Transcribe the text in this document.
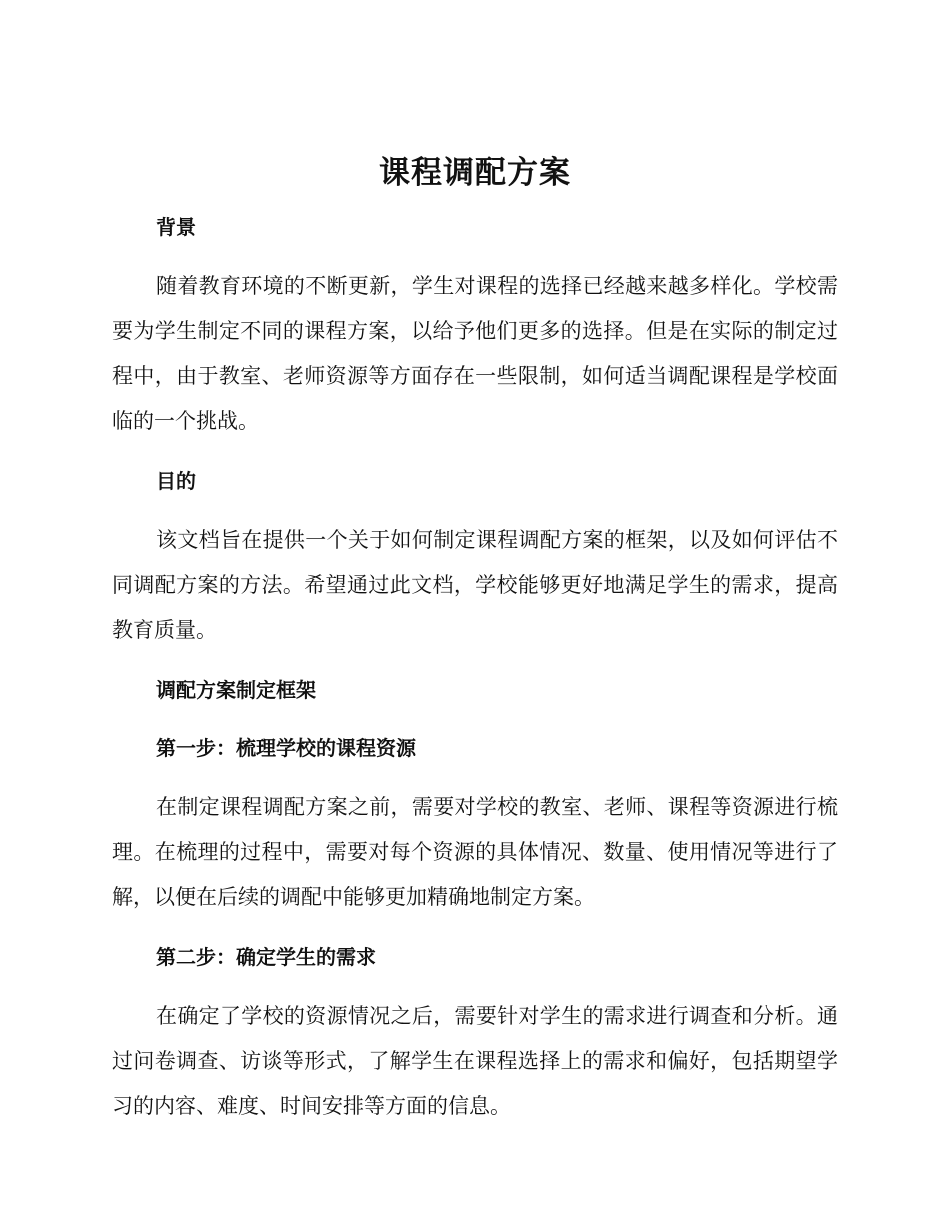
课程调配方案
背景

随着教育环境的不断更新，学生对课程的选择已经越来越多样化。学校需要为学生制定不同的课程方案，以给予他们更多的选择。但是在实际的制定过程中，由于教室、老师资源等方面存在一些限制，如何适当调配课程是学校面临的一个挑战。

目的

该文档旨在提供一个关于如何制定课程调配方案的框架，以及如何评估不同调配方案的方法。希望通过此文档，学校能够更好地满足学生的需求，提高教育质量。

调配方案制定框架
第一步：梳理学校的课程资源

在制定课程调配方案之前，需要对学校的教室、老师、课程等资源进行梳理。在梳理的过程中，需要对每个资源的具体情况、数量、使用情况等进行了解，以便在后续的调配中能够更加精确地制定方案。

第二步：确定学生的需求

在确定了学校的资源情况之后，需要针对学生的需求进行调查和分析。通过问卷调查、访谈等形式，了解学生在课程选择上的需求和偏好，包括期望学习的内容、难度、时间安排等方面的信息。
